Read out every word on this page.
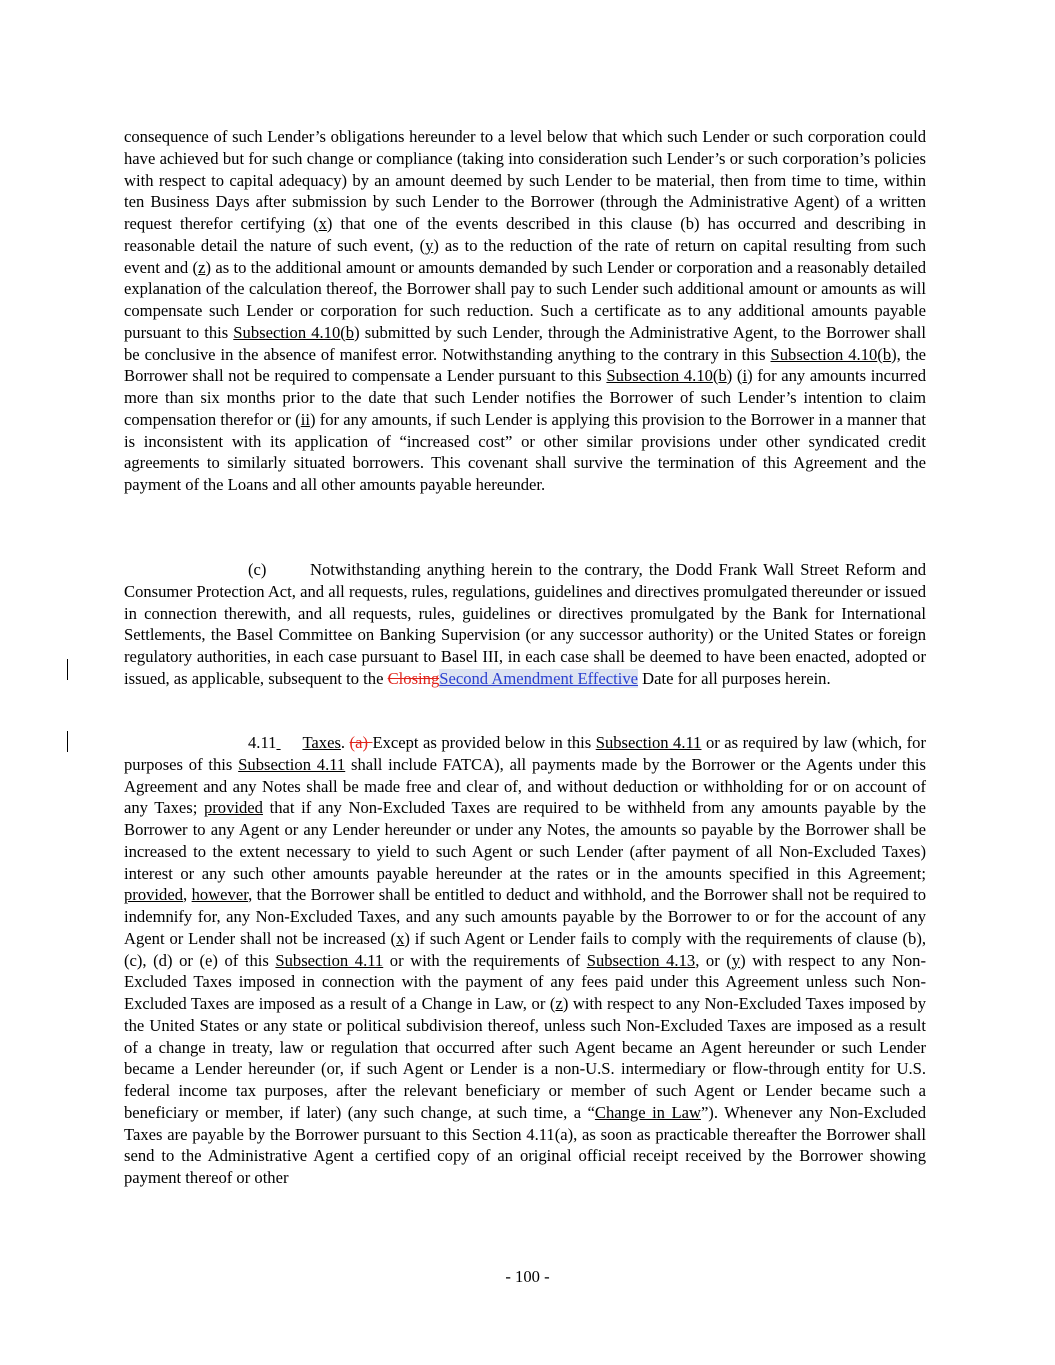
consequence of such Lender’s obligations hereunder to a level below that which such Lender or such corporation could have achieved but for such change or compliance (taking into consideration such Lender’s or such corporation’s policies with respect to capital adequacy) by an amount deemed by such Lender to be material, then from time to time, within ten Business Days after submission by such Lender to the Borrower (through the Administrative Agent) of a written request therefor certifying (x) that one of the events described in this clause (b) has occurred and describing in reasonable detail the nature of such event, (y) as to the reduction of the rate of return on capital resulting from such event and (z) as to the additional amount or amounts demanded by such Lender or corporation and a reasonably detailed explanation of the calculation thereof, the Borrower shall pay to such Lender such additional amount or amounts as will compensate such Lender or corporation for such reduction. Such a certificate as to any additional amounts payable pursuant to this Subsection 4.10(b) submitted by such Lender, through the Administrative Agent, to the Borrower shall be conclusive in the absence of manifest error. Notwithstanding anything to the contrary in this Subsection 4.10(b), the Borrower shall not be required to compensate a Lender pursuant to this Subsection 4.10(b) (i) for any amounts incurred more than six months prior to the date that such Lender notifies the Borrower of such Lender’s intention to claim compensation therefor or (ii) for any amounts, if such Lender is applying this provision to the Borrower in a manner that is inconsistent with its application of “increased cost” or other similar provisions under other syndicated credit agreements to similarly situated borrowers. This covenant shall survive the termination of this Agreement and the payment of the Loans and all other amounts payable hereunder.

(c)	Notwithstanding anything herein to the contrary, the Dodd Frank Wall Street Reform and Consumer Protection Act, and all requests, rules, regulations, guidelines and directives promulgated thereunder or issued in connection therewith, and all requests, rules, guidelines or directives promulgated by the Bank for International Settlements, the Basel Committee on Banking Supervision (or any successor authority) or the United States or foreign regulatory authorities, in each case pursuant to Basel III, in each case shall be deemed to have been enacted, adopted or issued, as applicable, subsequent to the ClosingSecond Amendment Effective Date for all purposes herein.

4.11 Taxes. (a) Except as provided below in this Subsection 4.11 or as required by law (which, for purposes of this Subsection 4.11 shall include FATCA), all payments made by the Borrower or the Agents under this Agreement and any Notes shall be made free and clear of, and without deduction or withholding for or on account of any Taxes; provided that if any Non-Excluded Taxes are required to be withheld from any amounts payable by the Borrower to any Agent or any Lender hereunder or under any Notes, the amounts so payable by the Borrower shall be increased to the extent necessary to yield to such Agent or such Lender (after payment of all Non-Excluded Taxes) interest or any such other amounts payable hereunder at the rates or in the amounts specified in this Agreement; provided, however, that the Borrower shall be entitled to deduct and withhold, and the Borrower shall not be required to indemnify for, any Non-Excluded Taxes, and any such amounts payable by the Borrower to or for the account of any Agent or Lender shall not be increased (x) if such Agent or Lender fails to comply with the requirements of clause (b), (c), (d) or (e) of this Subsection 4.11 or with the requirements of Subsection 4.13, or (y) with respect to any Non-Excluded Taxes imposed in connection with the payment of any fees paid under this Agreement unless such Non-Excluded Taxes are imposed as a result of a Change in Law, or (z) with respect to any Non-Excluded Taxes imposed by the United States or any state or political subdivision thereof, unless such Non-Excluded Taxes are imposed as a result of a change in treaty, law or regulation that occurred after such Agent became an Agent hereunder or such Lender became a Lender hereunder (or, if such Agent or Lender is a non-U.S. intermediary or flow-through entity for U.S. federal income tax purposes, after the relevant beneficiary or member of such Agent or Lender became such a beneficiary or member, if later) (any such change, at such time, a “Change in Law”). Whenever any Non-Excluded Taxes are payable by the Borrower pursuant to this Section 4.11(a), as soon as practicable thereafter the Borrower shall send to the Administrative Agent a certified copy of an original official receipt received by the Borrower showing payment thereof or other

- 100 -
